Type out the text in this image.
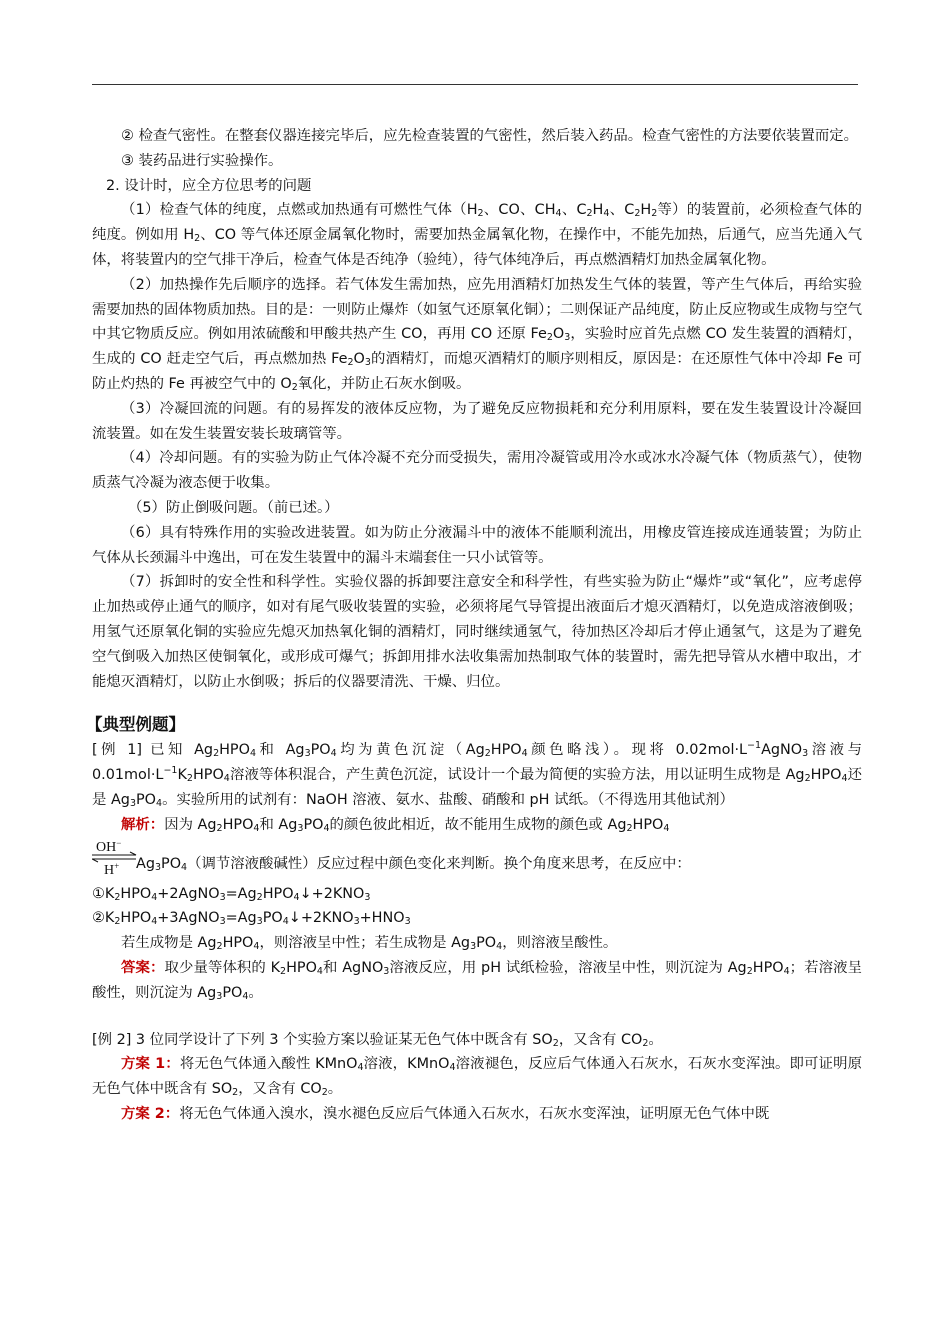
② 检查气密性。在整套仪器连接完毕后，应先检查装置的气密性，然后装入药品。检查气密性的方法要依装置而定。

③ 装药品进行实验操作。

2. 设计时，应全方位思考的问题

（1）检查气体的纯度，点燃或加热通有可燃性气体（$H_2$、CO、$CH_4$、$C_2H_4$、$C_2H_2$等）的装置前，必须检查气体的纯度。例如用 $H_2$、CO 等气体还原金属氧化物时，需要加热金属氧化物，在操作中，不能先加热，后通气，应当先通入气体，将装置内的空气排干净后，检查气体是否纯净（验纯），待气体纯净后，再点燃酒精灯加热金属氧化物。

（2）加热操作先后顺序的选择。若气体发生需加热，应先用酒精灯加热发生气体的装置，等产生气体后，再给实验需要加热的固体物质加热。目的是：一则防止爆炸（如氢气还原氧化铜）；二则保证产品纯度，防止反应物或生成物与空气中其它物质反应。例如用浓硫酸和甲酸共热产生 CO，再用 CO 还原 $Fe_2O_3$，实验时应首先点燃 CO 发生装置的酒精灯，生成的 CO 赶走空气后，再点燃加热 $Fe_2O_3$的酒精灯，而熄灭酒精灯的顺序则相反，原因是：在还原性气体中冷却 Fe 可防止灼热的 Fe 再被空气中的 $O_2$氧化，并防止石灰水倒吸。

（3）冷凝回流的问题。有的易挥发的液体反应物，为了避免反应物损耗和充分利用原料，要在发生装置设计冷凝回流装置。如在发生装置安装长玻璃管等。

（4）冷却问题。有的实验为防止气体冷凝不充分而受损失，需用冷凝管或用冷水或冰水冷凝气体（物质蒸气），使物质蒸气冷凝为液态便于收集。

（5）防止倒吸问题。（前已述。）

（6）具有特殊作用的实验改进装置。如为防止分液漏斗中的液体不能顺利流出，用橡皮管连接成连通装置；为防止气体从长颈漏斗中逸出，可在发生装置中的漏斗末端套住一只小试管等。

（7）拆卸时的安全性和科学性。实验仪器的拆卸要注意安全和科学性，有些实验为防止“爆炸”或“氧化”，应考虑停止加热或停止通气的顺序，如对有尾气吸收装置的实验，必须将尾气导管提出液面后才熄灭酒精灯，以免造成溶液倒吸；用氢气还原氧化铜的实验应先熄灭加热氧化铜的酒精灯，同时继续通氢气，待加热区冷却后才停止通氢气，这是为了避免空气倒吸入加热区使铜氧化，或形成可爆气；拆卸用排水法收集需加热制取气体的装置时，需先把导管从水槽中取出，才能熄灭酒精灯，以防止水倒吸；拆后的仪器要清洗、干燥、归位。

【典型例题】

[例 1] 已知 $Ag_2HPO_4$和 $Ag_3PO_4$均为黄色沉淀（$Ag_2HPO_4$颜色略浅）。现将 $0.02mol\cdot L^{-1}AgNO_3$溶液与 $0.01mol\cdot L^{-1}K_2HPO_4$溶液等体积混合，产生黄色沉淀，试设计一个最为简便的实验方法，用以证明生成物是 $Ag_2HPO_4$还是 $Ag_3PO_4$。实验所用的试剂有：NaOH 溶液、氨水、盐酸、硝酸和 pH 试纸。（不得选用其他试剂）

解析：因为 $Ag_2HPO_4$和 $Ag_3PO_4$的颜色彼此相近，故不能用生成物的颜色或 $Ag_2HPO_4$

OH−
H+ $Ag_3PO_4$（调节溶液酸碱性）反应过程中颜色变化来判断。换个角度来思考，在反应中：

$①K_2HPO_4+2AgNO_3=Ag_2HPO_4↓+2KNO_3$

$②K_2HPO_4+3AgNO_3=Ag_3PO_4↓+2KNO_3+HNO_3$

若生成物是 $Ag_2HPO_4$，则溶液呈中性；若生成物是 $Ag_3PO_4$，则溶液呈酸性。

答案：取少量等体积的 $K_2HPO_4$和 AgNO$_3$溶液反应，用 pH 试纸检验，溶液呈中性，则沉淀为 $Ag_2HPO_4$；若溶液呈酸性，则沉淀为 $Ag_3PO_4$。

[例 2] 3 位同学设计了下列 3 个实验方案以验证某无色气体中既含有 $SO_2$，又含有 $CO_2$。

方案 1：将无色气体通入酸性 KMnO$_4$溶液，KMnO$_4$溶液褪色，反应后气体通入石灰水，石灰水变浑浊。即可证明原无色气体中既含有 $SO_2$，又含有 $CO_2$。

方案 2：将无色气体通入溴水，溴水褪色反应后气体通入石灰水，石灰水变浑浊，证明原无色气体中既
